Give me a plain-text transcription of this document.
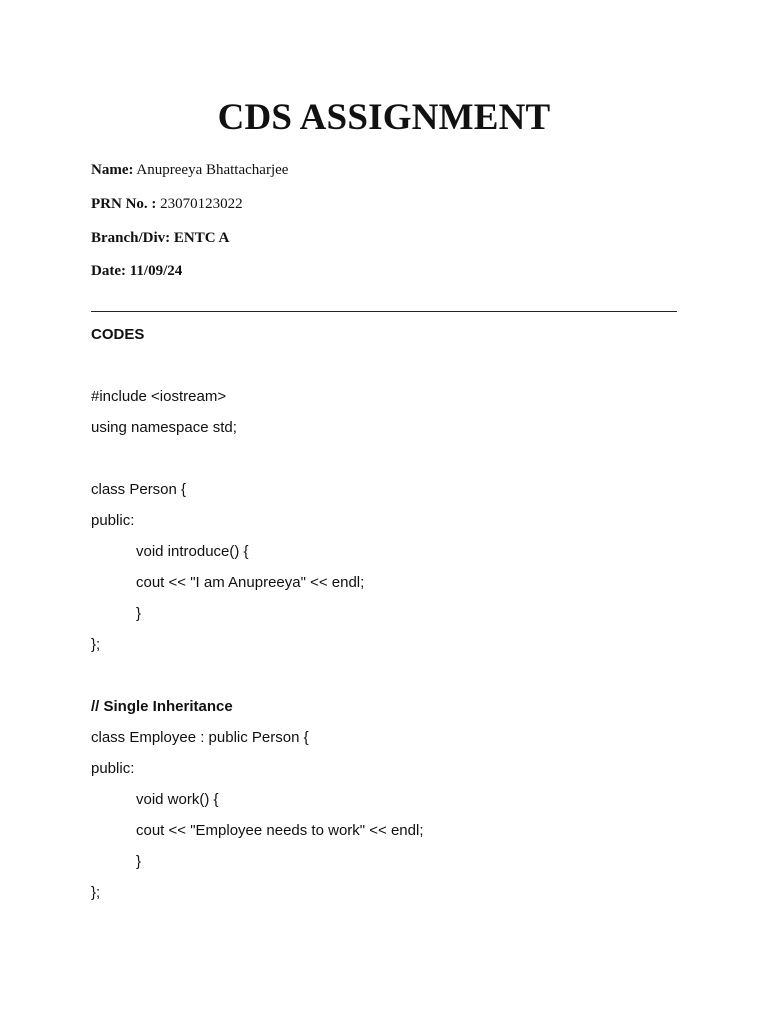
CDS ASSIGNMENT
Name: Anupreeya Bhattacharjee
PRN No. : 23070123022
Branch/Div: ENTC A
Date: 11/09/24
CODES
#include <iostream>
using namespace std;
class Person {
public:
void introduce() {
cout << "I am Anupreeya" << endl;
}
};
// Single Inheritance
class Employee : public Person {
public:
void work() {
cout << "Employee needs to work" << endl;
}
};
